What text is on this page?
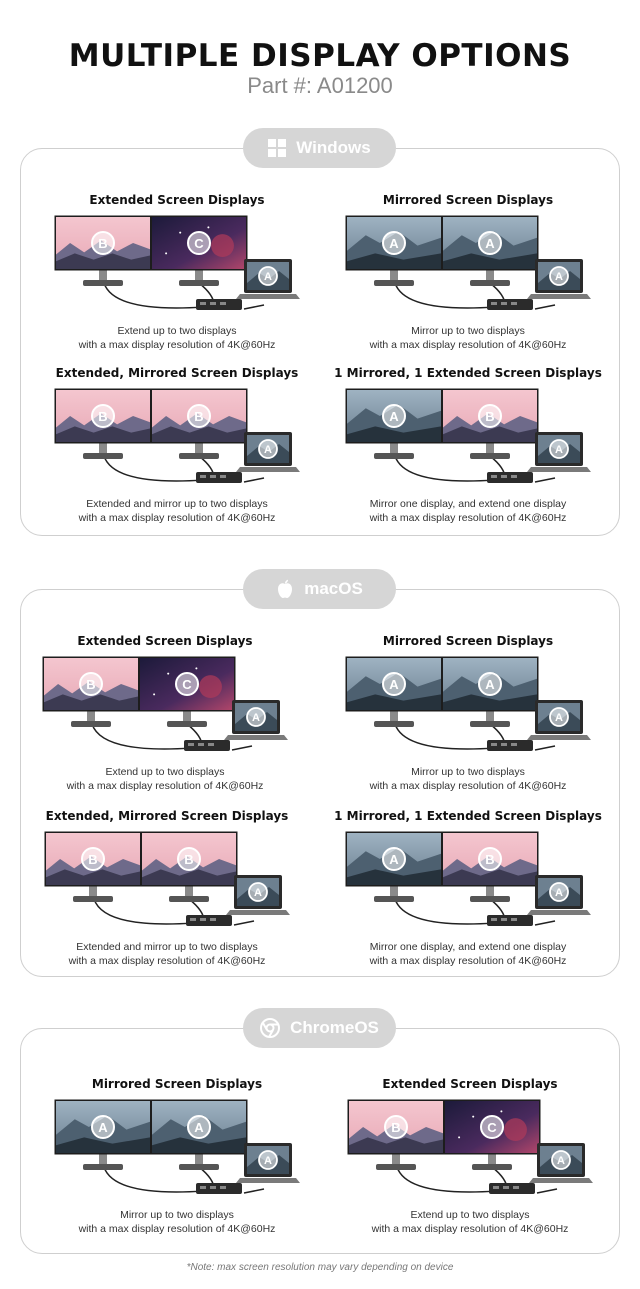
MULTIPLE DISPLAY OPTIONS
Part #: A01200
Windows
Extended Screen Displays
B	C
A
Extend up to two displays
with a max display resolution of 4K@60Hz
Mirrored Screen Displays
A	A
A
Mirror up to two displays
with a max display resolution of 4K@60Hz
Extended, Mirrored Screen Displays
B	B
A
Extended and mirror up to two displays
with a max display resolution of 4K@60Hz
1 Mirrored, 1 Extended Screen Displays
A	B
A
Mirror one display, and extend one display
with a max display resolution of 4K@60Hz
macOS
Extended Screen Displays
B	C
A
Extend up to two displays
with a max display resolution of 4K@60Hz
Mirrored Screen Displays
A	A
A
Mirror up to two displays
with a max display resolution of 4K@60Hz
Extended, Mirrored Screen Displays
B	B
A
Extended and mirror up to two displays
with a max display resolution of 4K@60Hz
1 Mirrored, 1 Extended Screen Displays
A	B
A
Mirror one display, and extend one display
with a max display resolution of 4K@60Hz
ChromeOS
Mirrored Screen Displays
A	A
A
Mirror up to two displays
with a max display resolution of 4K@60Hz
Extended Screen Displays
B	C
A
Extend up to two displays
with a max display resolution of 4K@60Hz
*Note: max screen resolution may vary depending on device
